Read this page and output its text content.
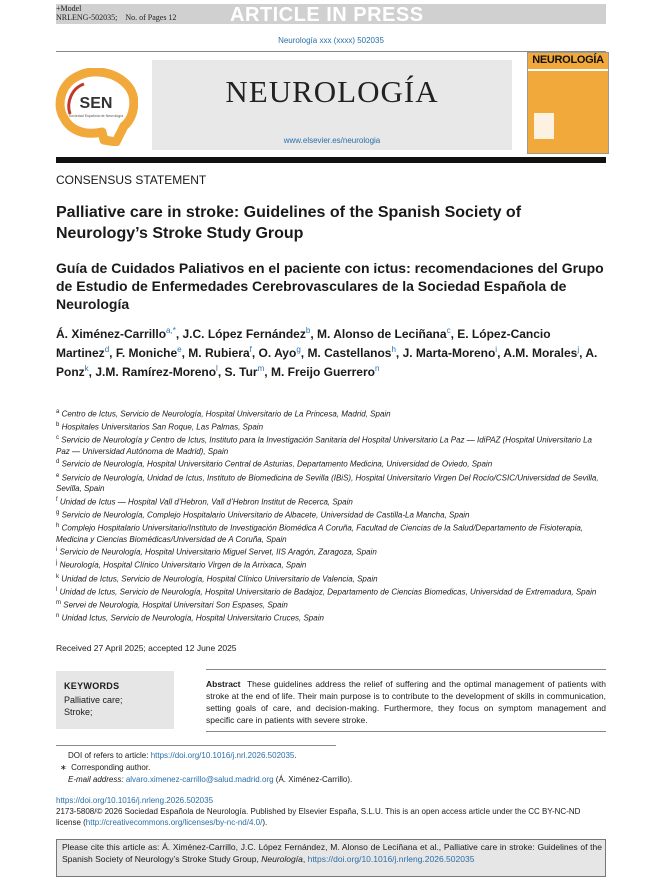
+Model
NRLENG-502035; No. of Pages 12	ARTICLE IN PRESS
Neurología xxx (xxxx) 502035
SEN
Sociedad Española de Neurología
NEUROLOGÍA
www.elsevier.es/neurologia
NEUROLOGÍA
CONSENSUS STATEMENT
Palliative care in stroke: Guidelines of the Spanish Society of Neurology’s Stroke Study Group
Guía de Cuidados Paliativos en el paciente con ictus: recomendaciones del Grupo de Estudio de Enfermedades Cerebrovasculares de la Sociedad Española de Neurología
Á. Ximénez-Carrillo$^{a,*}$, J.C. López Fernández$^b$, M. Alonso de Leciñana$^c$, E. López-Cancio Martinez$^d$, F. Moniche$^e$, M. Rubiera$^f$, O. Ayo$^g$, M. Castellanos$^h$, J. Marta-Moreno$^i$, A.M. Morales$^j$, A. Ponz$^k$, J.M. Ramírez-Moreno$^l$, S. Tur$^m$, M. Freijo Guerrero$^n$
$^a$ Centro de Ictus, Servicio de Neurología, Hospital Universitario de La Princesa, Madrid, Spain
$^b$ Hospitales Universitarios San Roque, Las Palmas, Spain
$^c$ Servicio de Neurología y Centro de Ictus, Instituto para la Investigación Sanitaria del Hospital Universitario La Paz — IdiPAZ (Hospital Universitario La Paz — Universidad Autónoma de Madrid), Spain
$^d$ Servicio de Neurología, Hospital Universitario Central de Asturias, Departamento Medicina, Universidad de Oviedo, Spain
$^e$ Servicio de Neurología, Unidad de Ictus, Instituto de Biomedicina de Sevilla (IBiS), Hospital Universitario Virgen Del Rocío/CSIC/Universidad de Sevilla, Sevilla, Spain
$^f$ Unidad de Ictus — Hospital Vall d’Hebron, Vall d’Hebron Institut de Recerca, Spain
$^g$ Servicio de Neurología, Complejo Hospitalario Universitario de Albacete, Universidad de Castilla-La Mancha, Spain
$^h$ Complejo Hospitalario Universitario/Instituto de Investigación Biomédica A Coruña, Facultad de Ciencias de la Salud/Departamento de Fisioterapia, Medicina y Ciencias Biomédicas/Universidad de A Coruña, Spain
$^i$ Servicio de Neurología, Hospital Universitario Miguel Servet, IIS Aragón, Zaragoza, Spain
$^j$ Neurología, Hospital Clínico Universitario Virgen de la Arrixaca, Spain
$^k$ Unidad de Ictus, Servicio de Neurología, Hospital Clínico Universitario de Valencia, Spain
$^l$ Unidad de Ictus, Servicio de Neurología, Hospital Universitario de Badajoz, Departamento de Ciencias Biomedicas, Universidad de Extremadura, Spain
$^m$ Servei de Neurologia, Hospital Universitari Son Espases, Spain
$^n$ Unidad Ictus, Servicio de Neurología, Hospital Universitario Cruces, Spain
Received 27 April 2025; accepted 12 June 2025
KEYWORDS
Palliative care;
Stroke;
Abstract These guidelines address the relief of suffering and the optimal management of patients with stroke at the end of life. Their main purpose is to contribute to the development of skills in communication, setting goals of care, and decision-making. Furthermore, they focus on symptom management and specific care in patients with severe stroke.
DOI of refers to article: https://doi.org/10.1016/j.nrl.2026.502035.
∗ Corresponding author.
E-mail address: alvaro.ximenez-carrillo@salud.madrid.org (Á. Ximénez-Carrillo).
https://doi.org/10.1016/j.nrleng.2026.502035
2173-5808/© 2026 Sociedad Española de Neurología. Published by Elsevier España, S.L.U. This is an open access article under the CC BY-NC-ND license (http://creativecommons.org/licenses/by-nc-nd/4.0/).
Please cite this article as: Á. Ximénez-Carrillo, J.C. López Fernández, M. Alonso de Leciñana et al., Palliative care in stroke: Guidelines of the Spanish Society of Neurology’s Stroke Study Group, Neurología, https://doi.org/10.1016/j.nrleng.2026.502035
